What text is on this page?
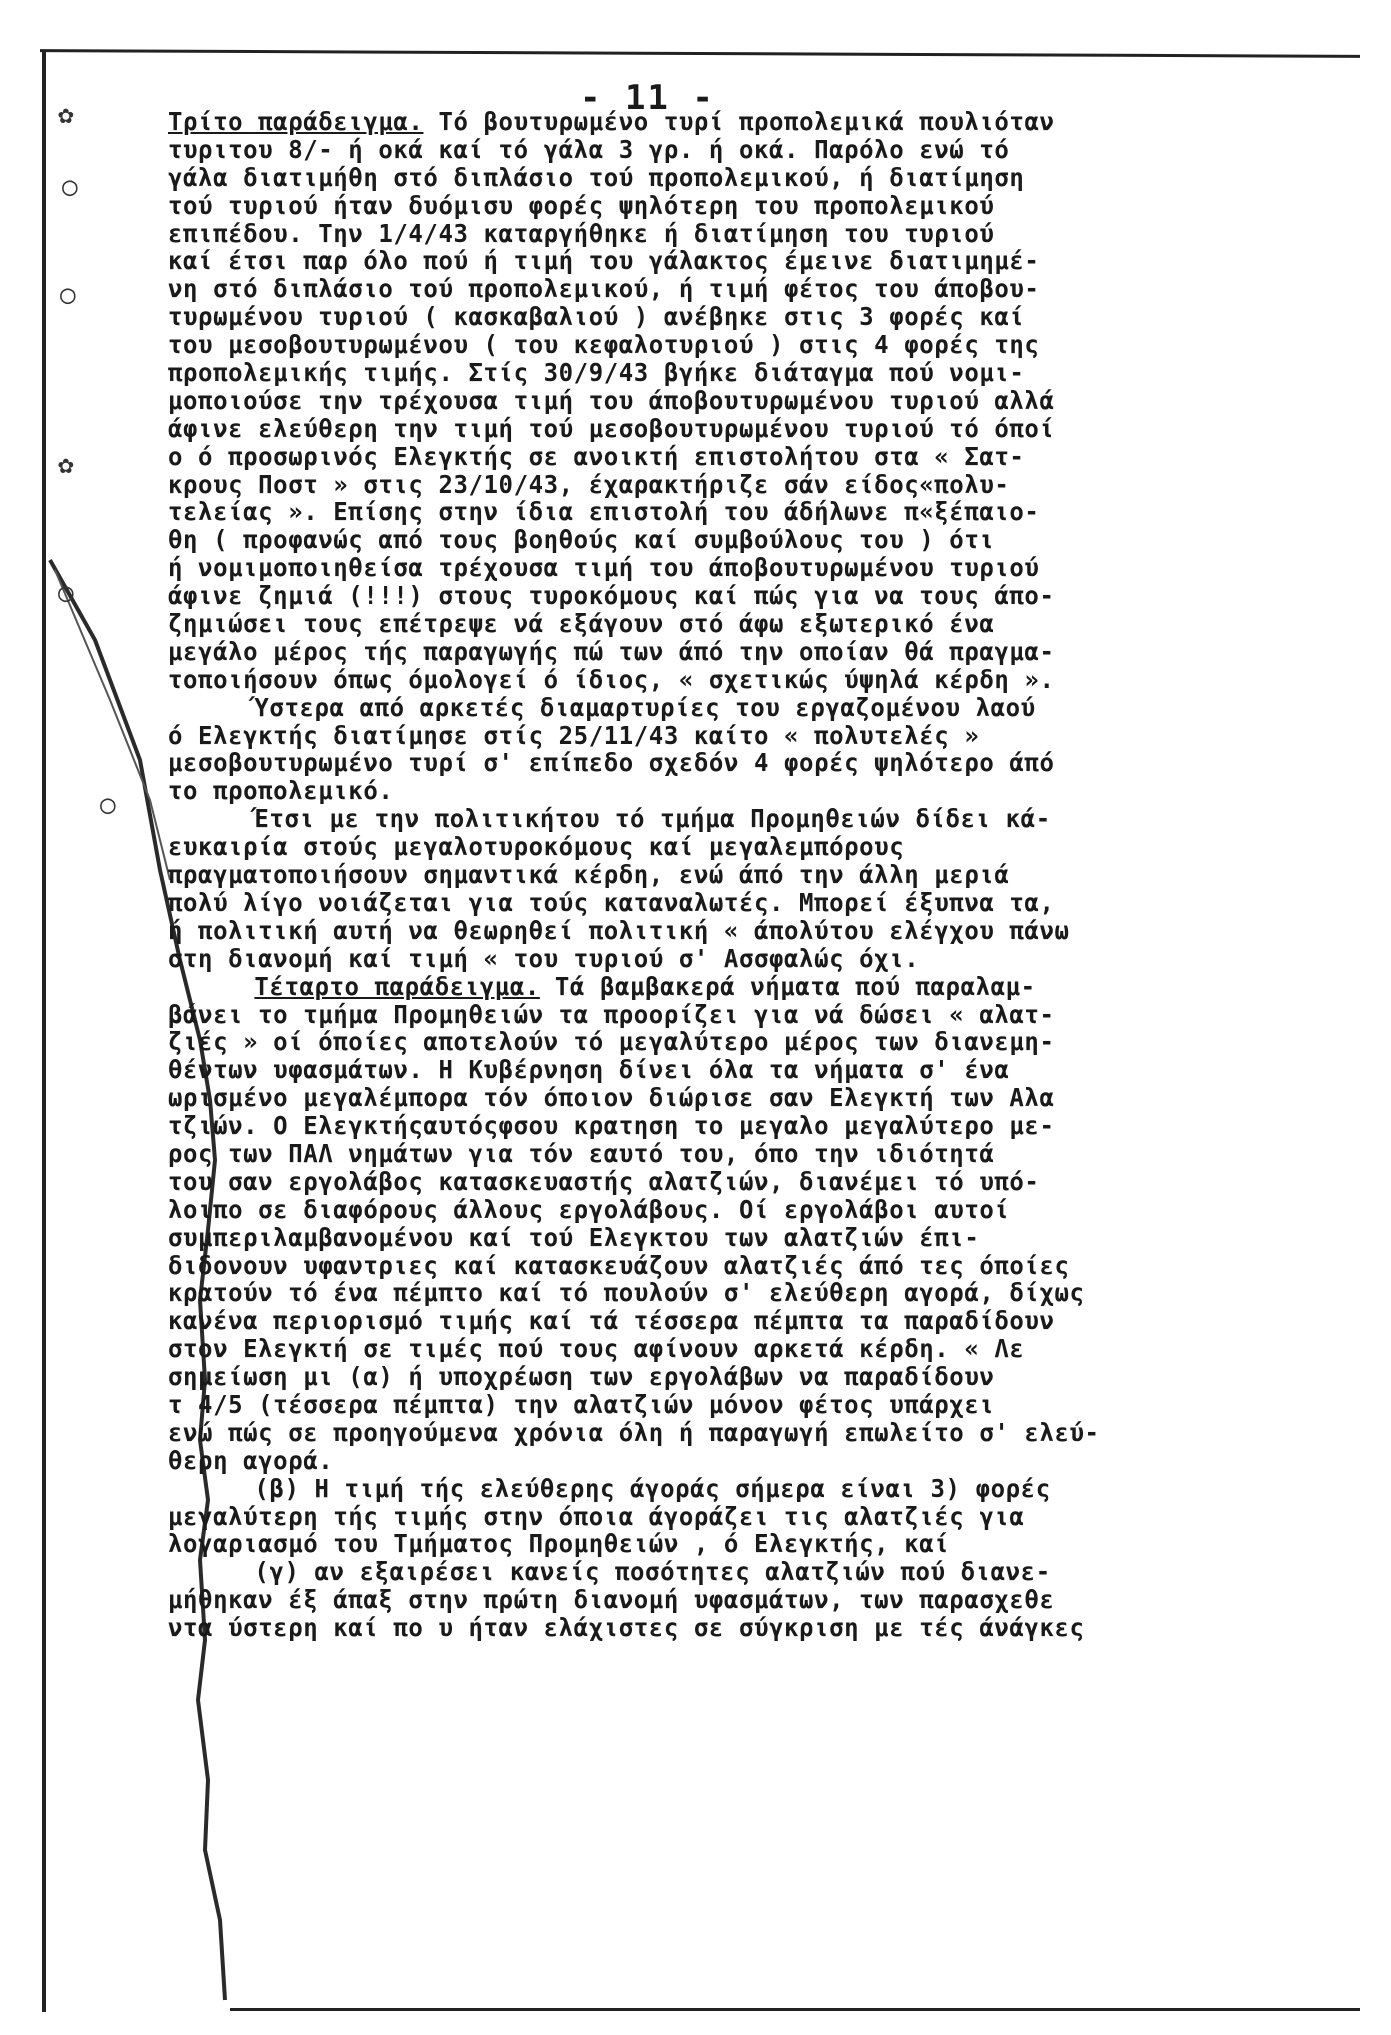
✿
○
○
✿
○
○
- 11 -
Τρίτο παράδειγμα. Τό βουτυρωμένο τυρί προπολεμικά πουλιόταν
τυριτου 8/- ή οκά καί τό γάλα 3 γρ. ή οκά. Παρόλο ενώ τό
γάλα διατιμήθη στό διπλάσιο τού προπολεμικού, ή διατίμηση
τού τυριού ήταν δυόμισυ φορές ψηλότερη του προπολεμικού
επιπέδου. Την 1/4/43 καταργήθηκε ή διατίμηση του τυριού
καί έτσι παρ όλο πού ή τιμή του γάλακτος έμεινε διατιμημέ-
νη στό διπλάσιο τού προπολεμικού, ή τιμή φέτος του άποβου-
τυρωμένου τυριού ( κασκαβαλιού ) ανέβηκε στις 3 φορές καί
του μεσοβουτυρωμένου ( του κεφαλοτυριού ) στις 4 φορές της
προπολεμικής τιμής. Στίς 30/9/43 βγήκε διάταγμα πού νομι-
μοποιούσε την τρέχουσα τιμή του άποβουτυρωμένου τυριού αλλά
άφινε ελεύθερη την τιμή τού μεσοβουτυρωμένου τυριού τό όποί
ο ό προσωρινός Ελεγκτής σε ανοικτή επιστολήτου στα « Σατ-
κρους Ποστ » στις 23/10/43, έχαρακτήριζε σάν είδος«πολυ-
τελείας ». Επίσης στην ίδια επιστολή του άδήλωνε π«ξέπαιο-
θη ( προφανώς από τους βοηθούς καί συμβούλους του ) ότι
ή νομιμοποιηθείσα τρέχουσα τιμή του άποβουτυρωμένου τυριού
άφινε ζημιά (!!!) στους τυροκόμους καί πώς για να τους άπο-
ζημιώσει τους επέτρεψε νά εξάγουν στό άφω εξωτερικό ένα
μεγάλο μέρος τής παραγωγής πώ των άπό την οποίαν θά πραγμα-
τοποιήσουν όπως όμολογεί ό ίδιος, « σχετικώς ύψηλά κέρδη ».
Ύστερα από αρκετές διαμαρτυρίες του εργαζομένου λαού
ό Ελεγκτής διατίμησε στίς 25/11/43 καίτο « πολυτελές »
μεσοβουτυρωμένο τυρί σ' επίπεδο σχεδόν 4 φορές ψηλότερο άπό
το προπολεμικό.
Έτσι με την πολιτικήτου τό τμήμα Προμηθειών δίδει κά-
ευκαιρία στούς μεγαλοτυροκόμους καί μεγαλεμπόρους
πραγματοποιήσουν σημαντικά κέρδη, ενώ άπό την άλλη μεριά
πολύ λίγο νοιάζεται για τούς καταναλωτές. Μπορεί έξυπνα τα,
ή πολιτική αυτή να θεωρηθεί πολιτική « άπολύτου ελέγχου πάνω
στη διανομή καί τιμή « του τυριού σ' Ασσφαλώς όχι.
Τέταρτο παράδειγμα. Τά βαμβακερά νήματα πού παραλαμ-
βάνει το τμήμα Προμηθειών τα προορίζει για νά δώσει « αλατ-
ζιές » οί όποίες αποτελούν τό μεγαλύτερο μέρος των διανεμη-
θέντων υφασμάτων. Η Κυβέρνηση δίνει όλα τα νήματα σ' ένα
ωρισμένο μεγαλέμπορα τόν όποιον διώρισε σαν Ελεγκτή των Αλα
τζιών. Ο Ελεγκτήςαυτόςφσου κρατηση το μεγαλο μεγαλύτερο με-
ρος των ΠΑΛ νημάτων για τόν εαυτό του, όπο την ιδιότητά
του σαν εργολάβος κατασκευαστής αλατζιών, διανέμει τό υπό-
λοιπο σε διαφόρους άλλους εργολάβους. Οί εργολάβοι αυτοί
συμπεριλαμβανομένου καί τού Ελεγκτου των αλατζιών έπι-
διδονουν υφαντριες καί κατασκευάζουν αλατζιές άπό τες όποίες
κρατούν τό ένα πέμπτο καί τό πουλούν σ' ελεύθερη αγορά, δίχως
κανένα περιορισμό τιμής καί τά τέσσερα πέμπτα τα παραδίδουν
στον Ελεγκτή σε τιμές πού τους αφίνουν αρκετά κέρδη. « Λε
σημείωση μι (α) ή υποχρέωση των εργολάβων να παραδίδουν
τ 4/5 (τέσσερα πέμπτα) την αλατζιών μόνον φέτος υπάρχει
ενώ πώς σε προηγούμενα χρόνια όλη ή παραγωγή επωλείτο σ' ελεύ-
θερη αγορά.
(β) Η τιμή τής ελεύθερης άγοράς σήμερα είναι 3) φορές
μεγαλύτερη τής τιμής στην όποια άγοράζει τις αλατζιές για
λογαριασμό του Τμήματος Προμηθειών , ό Ελεγκτής, καί
(γ) αν εξαιρέσει κανείς ποσότητες αλατζιών πού διανε-
μήθηκαν έξ άπαξ στην πρώτη διανομή υφασμάτων, των παρασχεθε
ντα ύστερη καί πο υ ήταν ελάχιστες σε σύγκριση με τές άνάγκες
